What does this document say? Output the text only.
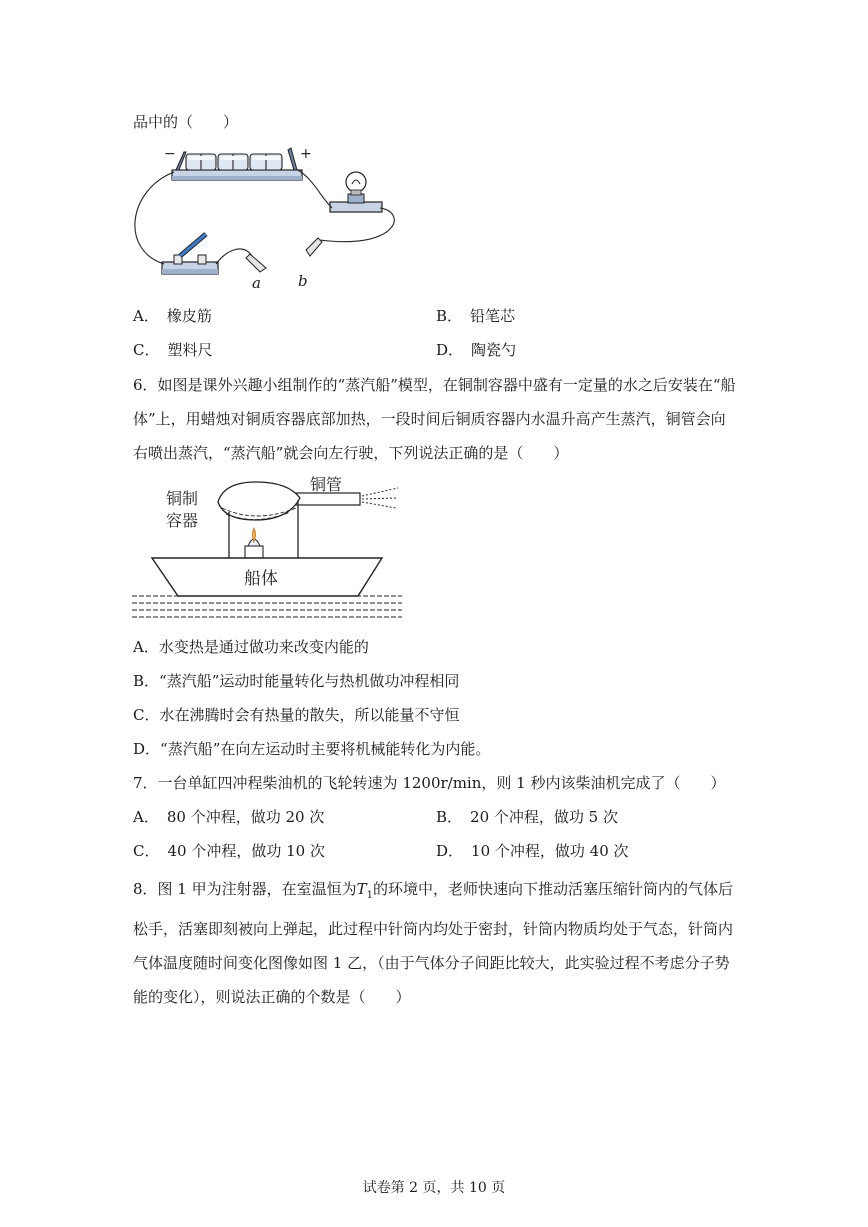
品中的（　　）
−	+
a b
A． 橡皮筋	B． 铅笔芯
C． 塑料尺	D． 陶瓷勺
6．如图是课外兴趣小组制作的“蒸汽船”模型，在铜制容器中盛有一定量的水之后安装在“船
体”上，用蜡烛对铜质容器底部加热，一段时间后铜质容器内水温升高产生蒸汽，铜管会向
右喷出蒸汽，“蒸汽船”就会向左行驶，下列说法正确的是（　　）
铜制
容器
铜管
船体
A．水变热是通过做功来改变内能的
B．“蒸汽船”运动时能量转化与热机做功冲程相同
C．水在沸腾时会有热量的散失，所以能量不守恒
D．“蒸汽船”在向左运动时主要将机械能转化为内能。
7．一台单缸四冲程柴油机的飞轮转速为 1200r/min，则 1 秒内该柴油机完成了（　　）
A． 80 个冲程，做功 20 次	B． 20 个冲程，做功 5 次
C． 40 个冲程，做功 10 次	D． 10 个冲程，做功 40 次
8．图 1 甲为注射器，在室温恒为$T_1$的环境中，老师快速向下推动活塞压缩针筒内的气体后
松手，活塞即刻被向上弹起，此过程中针筒内均处于密封，针筒内物质均处于气态，针筒内
气体温度随时间变化图像如图 1 乙，（由于气体分子间距比较大，此实验过程不考虑分子势
能的变化），则说法正确的个数是（　　）
试卷第 2 页，共 10 页
